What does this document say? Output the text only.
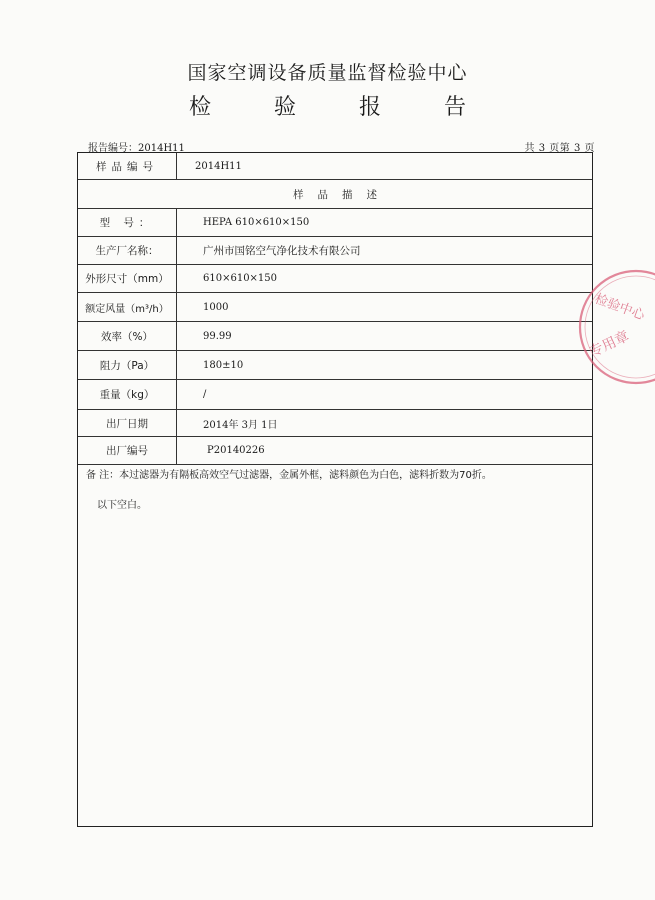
国家空调设备质量监督检验中心
检 验 报 告
报告编号：2014H11	共 3 页第 3 页
样品编号	2014H11
样品描述
型 号：	HEPA 610×610×150
生产厂名称：	广州市国铭空气净化技术有限公司
外形尺寸（mm）	610×610×150
额定风量（m³/h）	1000
效率（%）	99.99
阻力（Pa）	180±10
重量（kg）	/
出厂日期	2014年 3月 1日
出厂编号	P20140226
备 注：本过滤器为有隔板高效空气过滤器，金属外框，滤料颜色为白色，滤料折数为70折。
以下空白。
检验中心
专用章
